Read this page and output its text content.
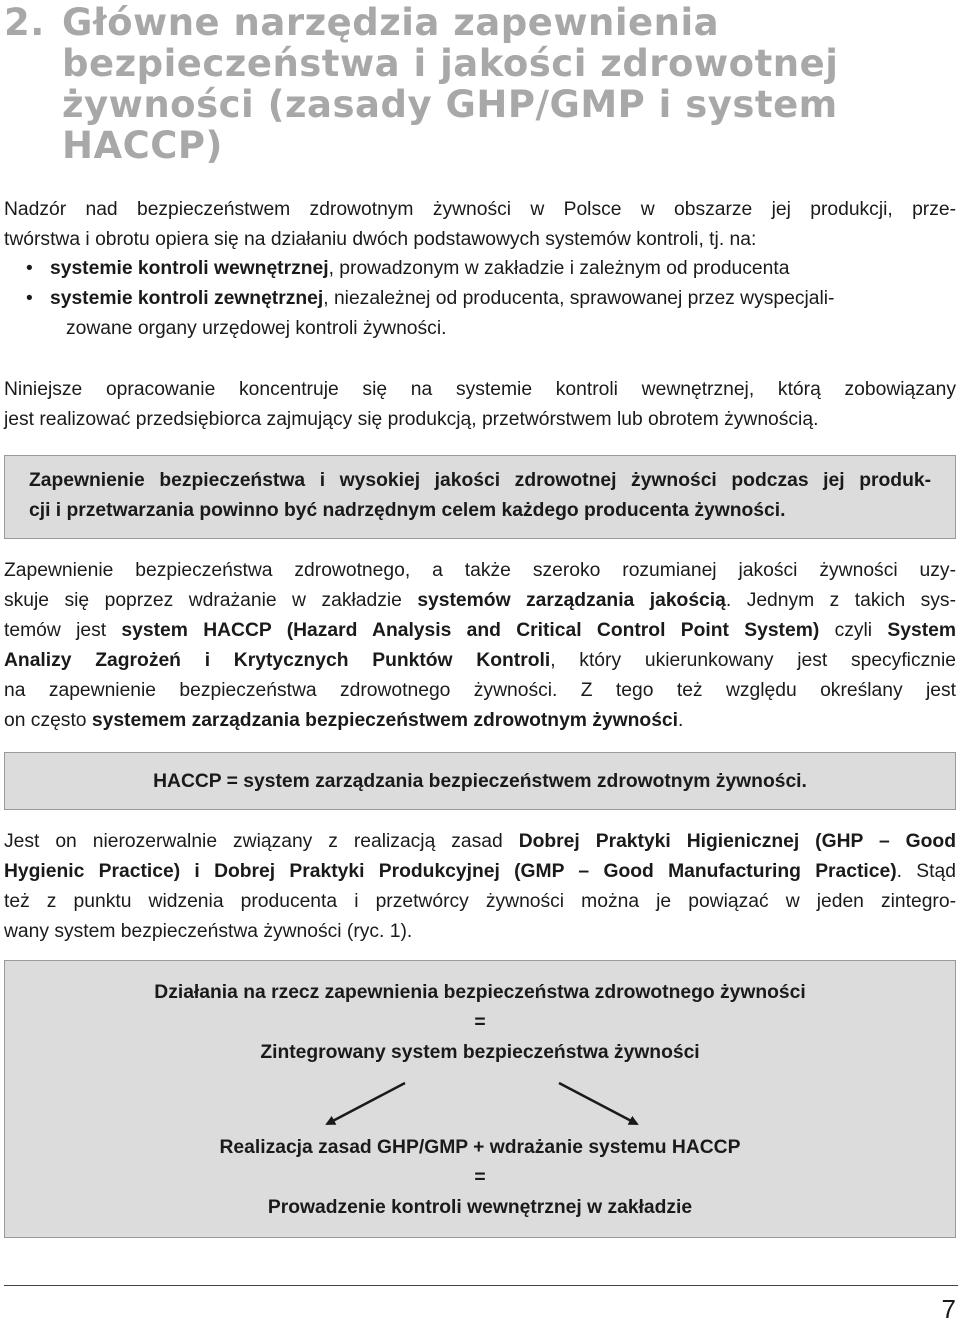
2. Główne narzędzia zapewnienia
bezpieczeństwa i jakości zdrowotnej
żywności (zasady GHP/GMP i system
HACCP)

Nadzór nad bezpieczeństwem zdrowotnym żywności w Polsce w obszarze jej produkcji, prze-
twórstwa i obrotu opiera się na działaniu dwóch podstawowych systemów kontroli, tj. na:

• systemie kontroli wewnętrznej, prowadzonym w zakładzie i zależnym od producenta
• systemie kontroli zewnętrznej, niezależnej od producenta, sprawowanej przez wyspecjali-
zowane organy urzędowej kontroli żywności.

Niniejsze opracowanie koncentruje się na systemie kontroli wewnętrznej, którą zobowiązany
jest realizować przedsiębiorca zajmujący się produkcją, przetwórstwem lub obrotem żywnością.

Zapewnienie bezpieczeństwa i wysokiej jakości zdrowotnej żywności podczas jej produk-
cji i przetwarzania powinno być nadrzędnym celem każdego producenta żywności.

Zapewnienie bezpieczeństwa zdrowotnego, a także szeroko rozumianej jakości żywności uzy-
skuje się poprzez wdrażanie w zakładzie systemów zarządzania jakością. Jednym z takich sys-
temów jest system HACCP (Hazard Analysis and Critical Control Point System) czyli System
Analizy Zagrożeń i Krytycznych Punktów Kontroli, który ukierunkowany jest specyficznie
na zapewnienie bezpieczeństwa zdrowotnego żywności. Z tego też względu określany jest
on często systemem zarządzania bezpieczeństwem zdrowotnym żywności.

HACCP = system zarządzania bezpieczeństwem zdrowotnym żywności.

Jest on nierozerwalnie związany z realizacją zasad Dobrej Praktyki Higienicznej (GHP – Good
Hygienic Practice) i Dobrej Praktyki Produkcyjnej (GMP – Good Manufacturing Practice). Stąd
też z punktu widzenia producenta i przetwórcy żywności można je powiązać w jeden zintegro-
wany system bezpieczeństwa żywności (ryc. 1).

Działania na rzecz zapewnienia bezpieczeństwa zdrowotnego żywności
=
Zintegrowany system bezpieczeństwa żywności
Realizacja zasad GHP/GMP + wdrażanie systemu HACCP
=
Prowadzenie kontroli wewnętrznej w zakładzie
7
